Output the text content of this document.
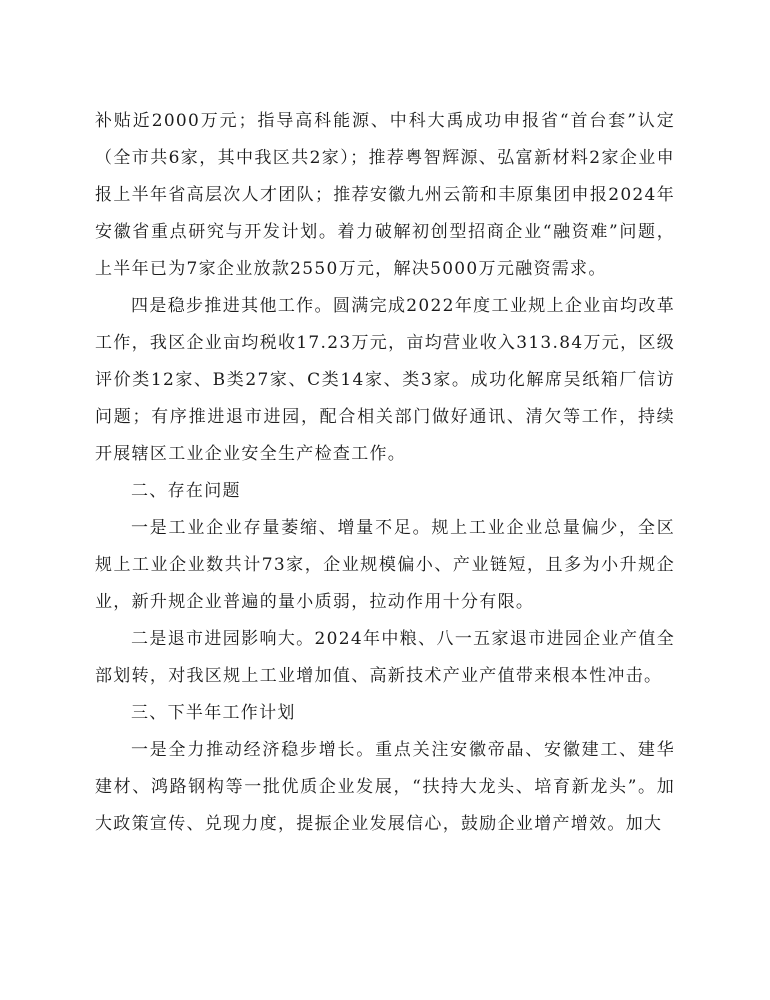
补贴近2000万元；指导高科能源、中科大禹成功申报省“首台套”认定（全市共6家，其中我区共2家）；推荐粤智辉源、弘富新材料2家企业申报上半年省高层次人才团队；推荐安徽九州云箭和丰原集团申报2024年安徽省重点研究与开发计划。着力破解初创型招商企业“融资难”问题，上半年已为7家企业放款2550万元，解决5000万元融资需求。

四是稳步推进其他工作。圆满完成2022年度工业规上企业亩均改革工作，我区企业亩均税收17.23万元，亩均营业收入313.84万元，区级评价类12家、B类27家、C类14家、类3家。成功化解席吴纸箱厂信访问题；有序推进退市进园，配合相关部门做好通讯、清欠等工作，持续开展辖区工业企业安全生产检查工作。

二、存在问题

一是工业企业存量萎缩、增量不足。规上工业企业总量偏少，全区规上工业企业数共计73家，企业规模偏小、产业链短，且多为小升规企业，新升规企业普遍的量小质弱，拉动作用十分有限。

二是退市进园影响大。2024年中粮、八一五家退市进园企业产值全部划转，对我区规上工业增加值、高新技术产业产值带来根本性冲击。

三、下半年工作计划

一是全力推动经济稳步增长。重点关注安徽帝晶、安徽建工、建华建材、鸿路钢构等一批优质企业发展，“扶持大龙头、培育新龙头”。加大政策宣传、兑现力度，提振企业发展信心，鼓励企业增产增效。加大
